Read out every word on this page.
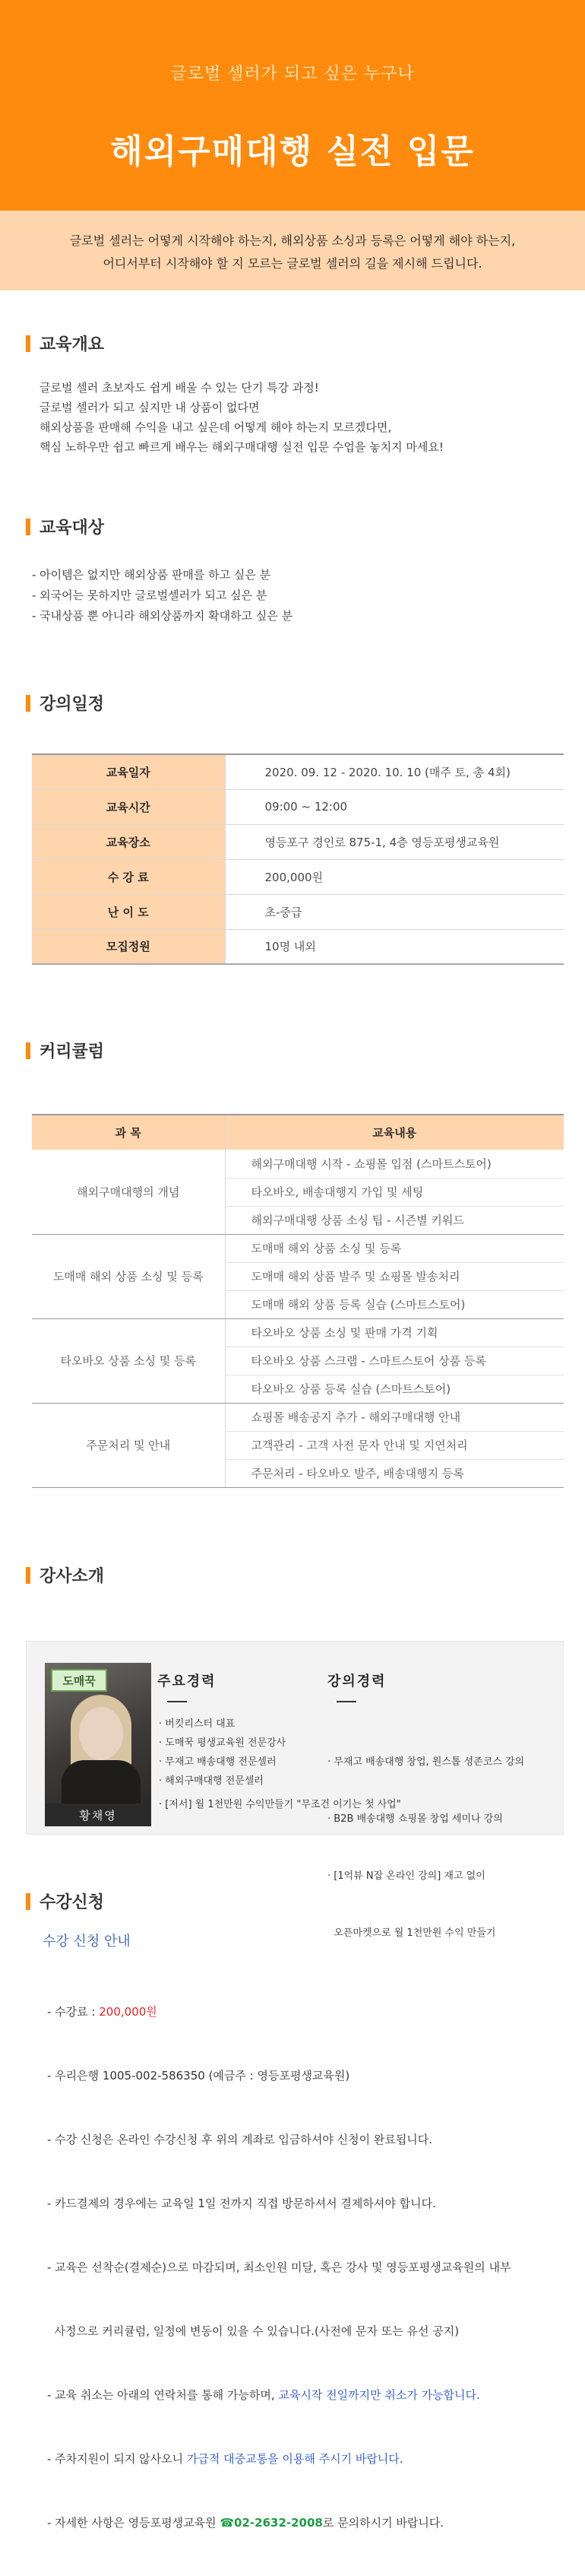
글로벌 셀러가 되고 싶은 누구나
해외구매대행 실전 입문
글로벌 셀러는 어떻게 시작해야 하는지, 해외상품 소싱과 등록은 어떻게 해야 하는지,
어디서부터 시작해야 할 지 모르는 글로벌 셀러의 길을 제시해 드립니다.
교육개요
글로벌 셀러 초보자도 쉽게 배울 수 있는 단기 특강 과정!
글로벌 셀러가 되고 싶지만 내 상품이 없다면
해외상품을 판매해 수익을 내고 싶은데 어떻게 해야 하는지 모르겠다면,
핵심 노하우만 쉽고 빠르게 배우는 해외구매대행 실전 입문 수업을 놓치지 마세요!
교육대상
- 아이템은 없지만 해외상품 판매를 하고 싶은 분
- 외국어는 못하지만 글로벌셀러가 되고 싶은 분
- 국내상품 뿐 아니라 해외상품까지 확대하고 싶은 분
강의일정
교육일자	2020. 09. 12 - 2020. 10. 10 (매주 토, 총 4회)
교육시간	09:00 ~ 12:00
교육장소	영등포구 경인로 875-1, 4층 영등포평생교육원
수 강 료	200,000원
난 이 도	초-중급
모집정원	10명 내외
커리큘럼
과 목	교육내용
해외구매대행의 개념	해외구매대행 시작 - 쇼핑몰 입점 (스마트스토어)
	타오바오, 배송대행지 가입 및 세팅
	해외구매대행 상품 소싱 팁 - 시즌별 키워드
도매매 해외 상품 소싱 및 등록	도매매 해외 상품 소싱 및 등록
	도매매 해외 상품 발주 및 쇼핑몰 발송처리
	도매매 해외 상품 등록 실습 (스마트스토어)
타오바오 상품 소싱 및 등록	타오바오 상품 소싱 및 판매 가격 기획
	타오바오 상품 스크랩 - 스마트스토어 상품 등록
	타오바오 상품 등록 실습 (스마트스토어)
주문처리 및 안내	쇼핑몰 배송공지 추가 - 해외구매대행 안내
	고객관리 - 고객 사전 문자 안내 및 지연처리
	주문처리 - 타오바오 발주, 배송대행지 등록
강사소개
도매꾹
황채영
주요경력
· 버킷리스터 대표
· 도매꾹 평생교육원 전문강사
· 무재고 배송대행 전문셀러
· 해외구매대행 전문셀러
· [저서] 월 1천만원 수익만들기 "무조건 이기는 첫 사업"
강의경력

· 무재고 배송대행 창업, 원스톱 셩존코스 강의

· B2B 배송대행 쇼핑몰 창업 세미나 강의

· [1억뷰 N잡 온라인 강의] 재고 없이

오픈마켓으로 월 1천만원 수익 만들기

수강신청
수강 신청 안내

- 수강료 : 200,000원

- 우리은행 1005-002-586350 (예금주 : 영등포평생교육원)

- 수강 신청은 온라인 수강신청 후 위의 계좌로 입금하셔야 신청이 완료됩니다.

- 카드결제의 경우에는 교육일 1일 전까지 직접 방문하셔서 결제하셔야 합니다.

- 교육은 선착순(결제순)으로 마감되며, 최소인원 미달, 혹은 강사 및 영등포평생교육원의 내부

사정으로 커리큘럼, 일정에 변동이 있을 수 있습니다.(사전에 문자 또는 유선 공지)

- 교육 취소는 아래의 연락처를 통해 가능하며, 교육시작 전일까지만 취소가 가능합니다.

- 주차지원이 되지 않사오니 가급적 대중교통을 이용해 주시기 바랍니다.

- 자세한 사항은 영등포평생교육원 ☎02-2632-2008로 문의하시기 바랍니다.
